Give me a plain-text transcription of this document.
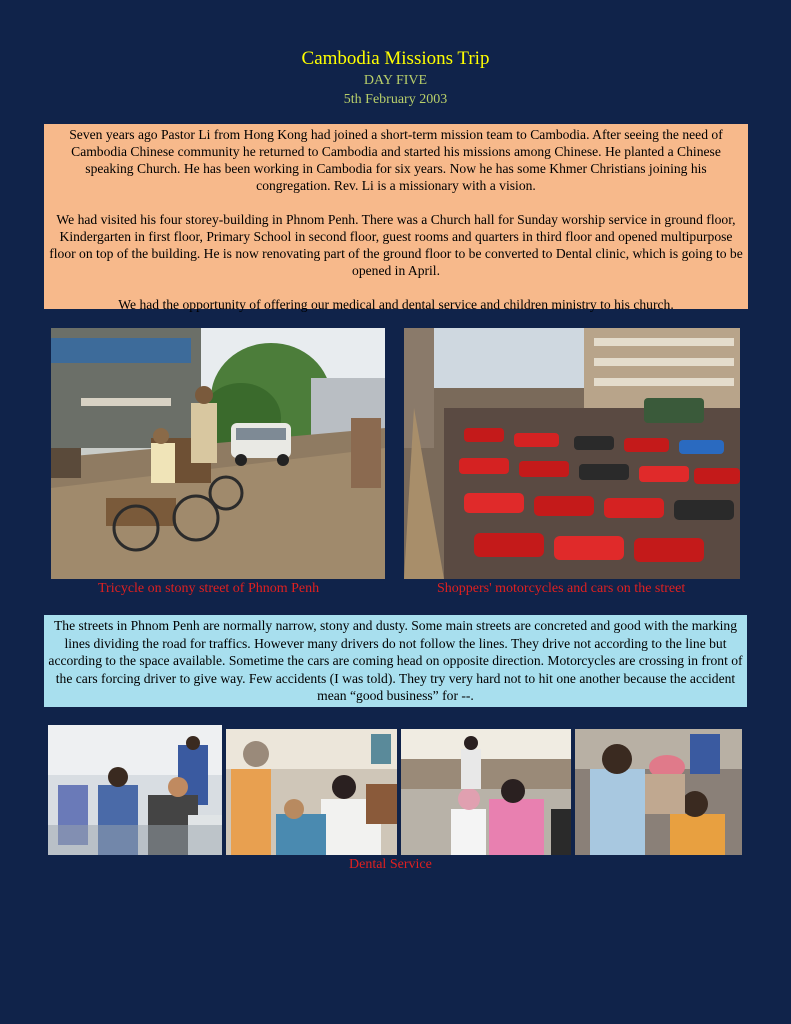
Cambodia Missions Trip
DAY FIVE
5th February 2003

Seven years ago Pastor Li from Hong Kong had joined a short-term mission team to Cambodia. After seeing the need of Cambodia Chinese community he returned to Cambodia and started his missions among Chinese. He planted a Chinese speaking Church. He has been working in Cambodia for six years. Now he has some Khmer Christians joining his congregation. Rev. Li is a missionary with a vision.

We had visited his four storey-building in Phnom Penh. There was a Church hall for Sunday worship service in ground floor, Kindergarten in first floor, Primary School in second floor, guest rooms and quarters in third floor and opened multipurpose floor on top of the building. He is now renovating part of the ground floor to be converted to Dental clinic, which is going to be opened in April.

We had the opportunity of offering our medical and dental service and children ministry to his church.

Tricycle on stony street of Phnom Penh	Shoppers' motorcycles and cars on the street

The streets in Phnom Penh are normally narrow, stony and dusty. Some main streets are concreted and good with the marking lines dividing the road for traffics. However many drivers do not follow the lines. They drive not according to the line but according to the space available. Sometime the cars are coming head on opposite direction. Motorcycles are crossing in front of the cars forcing driver to give way. Few accidents (I was told). They try very hard not to hit one another because the accident mean “good business” for --.

Dental Service
